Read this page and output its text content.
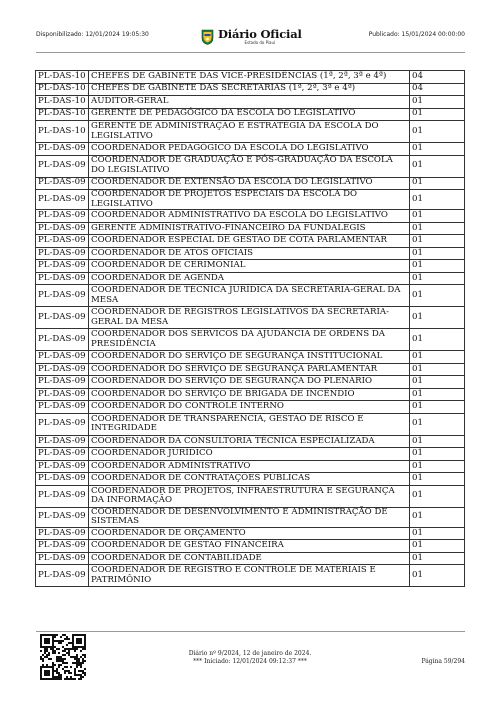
Disponibilizado: 12/01/2024 19:05:30	Diário Oficial
Estado do Piauí
Publicado: 15/01/2024 00:00:00
PL-DAS-10	CHEFES DE GABINETE DAS VICE-PRESIDÊNCIAS (1ª, 2ª, 3ª e 4ª)	04
PL-DAS-10	CHEFES DE GABINETE DAS SECRETARIAS (1ª, 2ª, 3ª e 4ª)	04
PL-DAS-10	AUDITOR-GERAL	01
PL-DAS-10	GERENTE DE PEDAGÓGICO DA ESCOLA DO LEGISLATIVO	01
PL-DAS-10	GERENTE DE ADMINISTRAÇÃO E ESTRATÉGIA DA ESCOLA DO LEGISLATIVO	01
PL-DAS-09	COORDENADOR PEDAGÓGICO DA ESCOLA DO LEGISLATIVO	01
PL-DAS-09	COORDENADOR DE GRADUAÇÃO E PÓS-GRADUAÇÃO DA ESCOLA DO LEGISLATIVO	01
PL-DAS-09	COORDENADOR DE EXTENSÃO DA ESCOLA DO LEGISLATIVO	01
PL-DAS-09	COORDENADOR DE PROJETOS ESPECIAIS DA ESCOLA DO LEGISLATIVO	01
PL-DAS-09	COORDENADOR ADMINISTRATIVO DA ESCOLA DO LEGISLATIVO	01
PL-DAS-09	GERENTE ADMINISTRATIVO-FINANCEIRO DA FUNDALEGIS	01
PL-DAS-09	COORDENADOR ESPECIAL DE GESTÃO DE COTA PARLAMENTAR	01
PL-DAS-09	COORDENADOR DE ATOS OFICIAIS	01
PL-DAS-09	COORDENADOR DE CERIMONIAL	01
PL-DAS-09	COORDENADOR DE AGENDA	01
PL-DAS-09	COORDENADOR DE TÉCNICA JURÍDICA DA SECRETARIA-GERAL DA MESA	01
PL-DAS-09	COORDENADOR DE REGISTROS LEGISLATIVOS DA SECRETARIA-GERAL DA MESA	01
PL-DAS-09	COORDENADOR DOS SERVICOS DA AJUDÂNCIA DE ORDENS DA PRESIDÊNCIA	01
PL-DAS-09	COORDENADOR DO SERVIÇO DE SEGURANÇA INSTITUCIONAL	01
PL-DAS-09	COORDENADOR DO SERVIÇO DE SEGURANÇA PARLAMENTAR	01
PL-DAS-09	COORDENADOR DO SERVIÇO DE SEGURANÇA DO PLENÁRIO	01
PL-DAS-09	COORDENADOR DO SERVIÇO DE BRIGADA DE INCÊNDIO	01
PL-DAS-09	COORDENADOR DO CONTROLE INTERNO	01
PL-DAS-09	COORDENADOR DE TRANSPARENCIA, GESTÃO DE RISCO E INTEGRIDADE	01
PL-DAS-09	COORDENADOR DA CONSULTORIA TÉCNICA ESPECIALIZADA	01
PL-DAS-09	COORDENADOR JURÍDICO	01
PL-DAS-09	COORDENADOR ADMINISTRATIVO	01
PL-DAS-09	COORDENADOR DE CONTRATAÇÕES PÚBLICAS	01
PL-DAS-09	COORDENADOR DE PROJETOS, INFRAESTRUTURA E SEGURANÇA DA INFORMAÇÃO	01
PL-DAS-09	COORDENADOR DE DESENVOLVIMENTO E ADMINISTRAÇÃO DE SISTEMAS	01
PL-DAS-09	COORDENADOR DE ORÇAMENTO	01
PL-DAS-09	COORDENADOR DE GESTÃO FINANCEIRA	01
PL-DAS-09	COORDENADOR DE CONTABILIDADE	01
PL-DAS-09	COORDENADOR DE REGISTRO E CONTROLE DE MATERIAIS E PATRIMÔNIO	01
Diário nº 9/2024, 12 de janeiro de 2024.
*** Iniciado: 12/01/2024 09:12:37 ***	Página 59/294
